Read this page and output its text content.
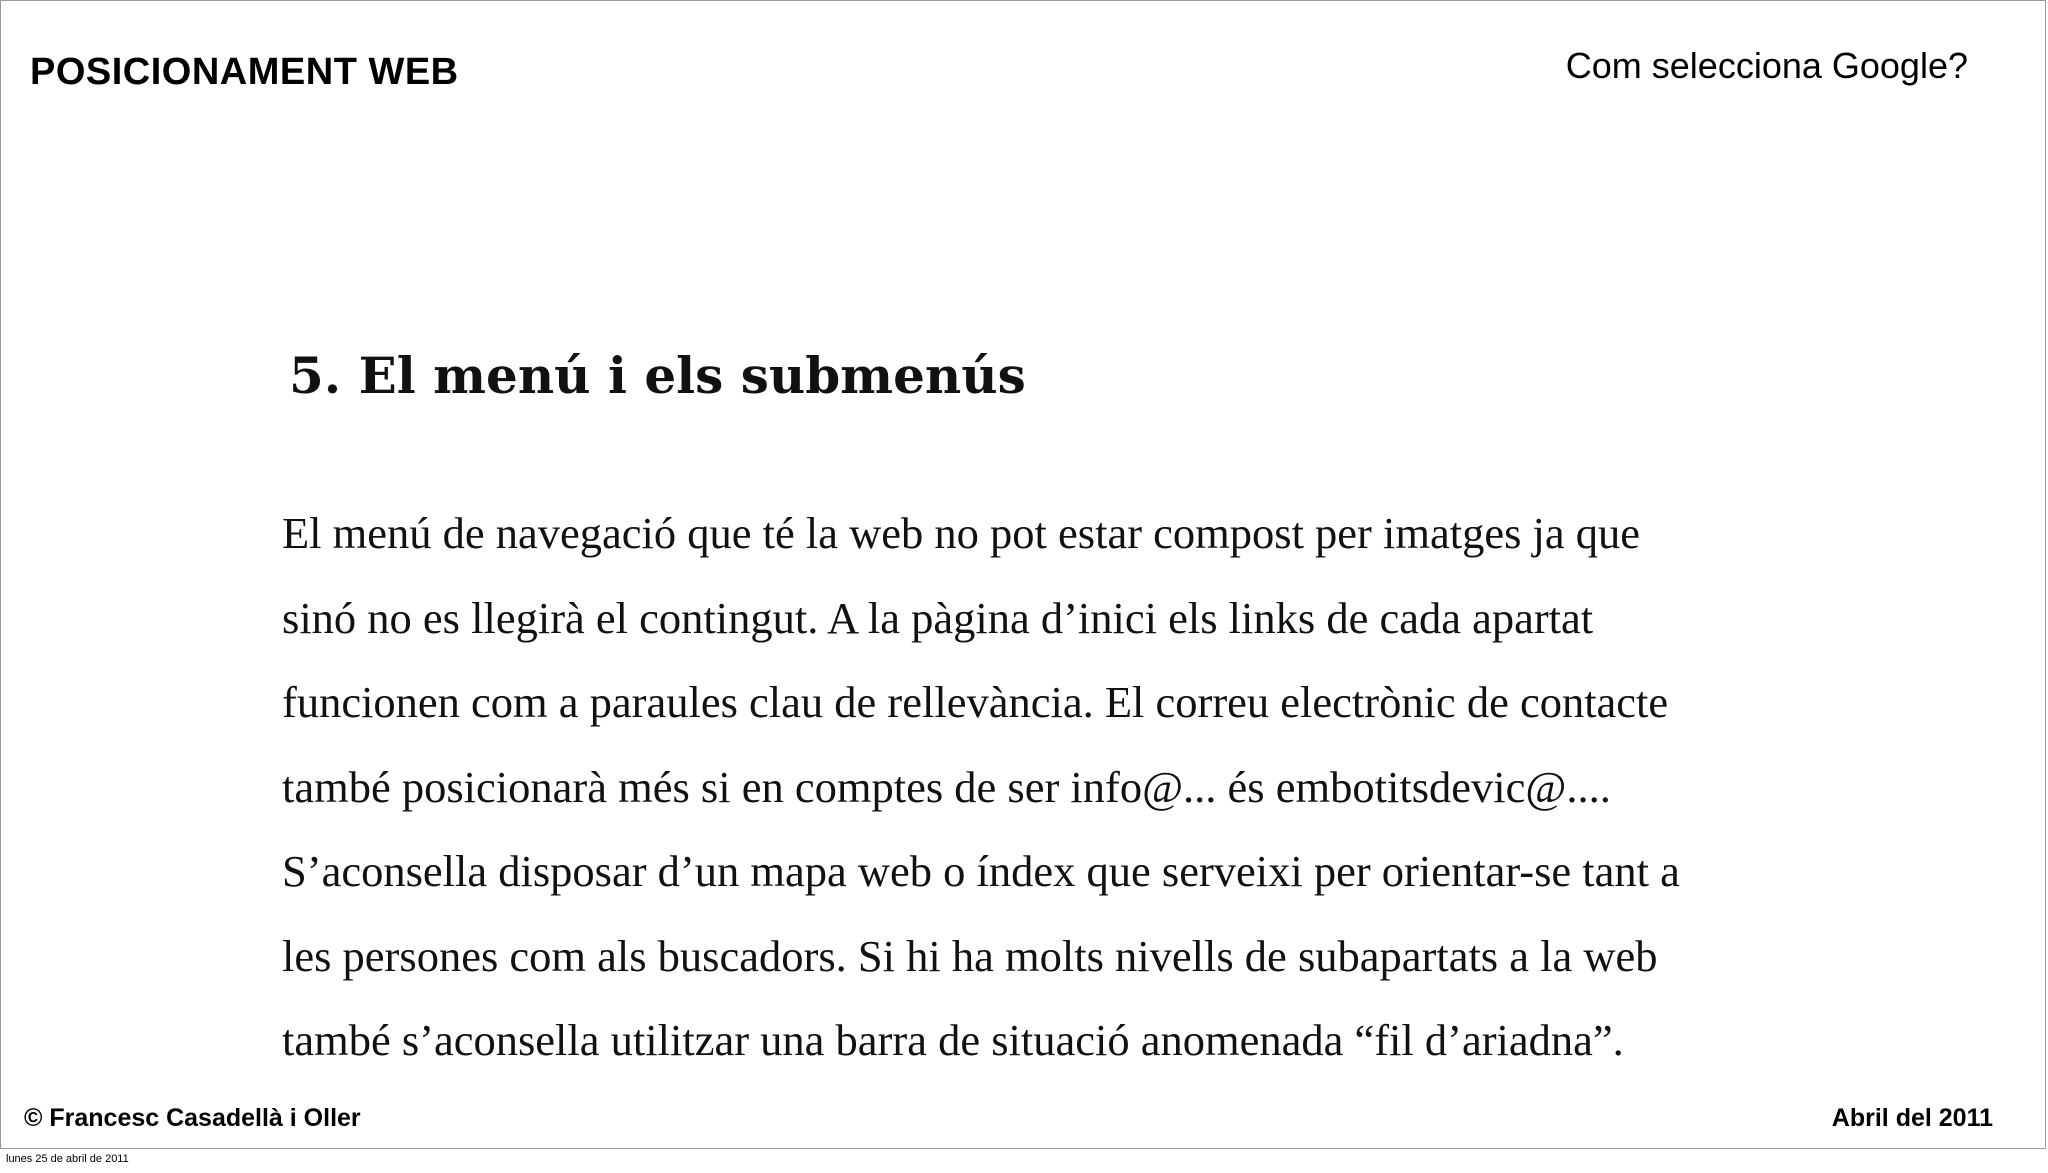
POSICIONAMENT WEB	Com selecciona Google?
5. El menú i els submenús
El menú de navegació que té la web no pot estar compost per imatges ja que
sinó no es llegirà el contingut. A la pàgina d’inici els links de cada apartat
funcionen com a paraules clau de rellevància. El correu electrònic de contacte
també posicionarà més si en comptes de ser info@... és embotitsdevic@....
S’aconsella disposar d’un mapa web o índex que serveixi per orientar-se tant a
les persones com als buscadors. Si hi ha molts nivells de subapartats a la web
també s’aconsella utilitzar una barra de situació anomenada “fil d’ariadna”.
© Francesc Casadellà i Oller	Abril del 2011
lunes 25 de abril de 2011
